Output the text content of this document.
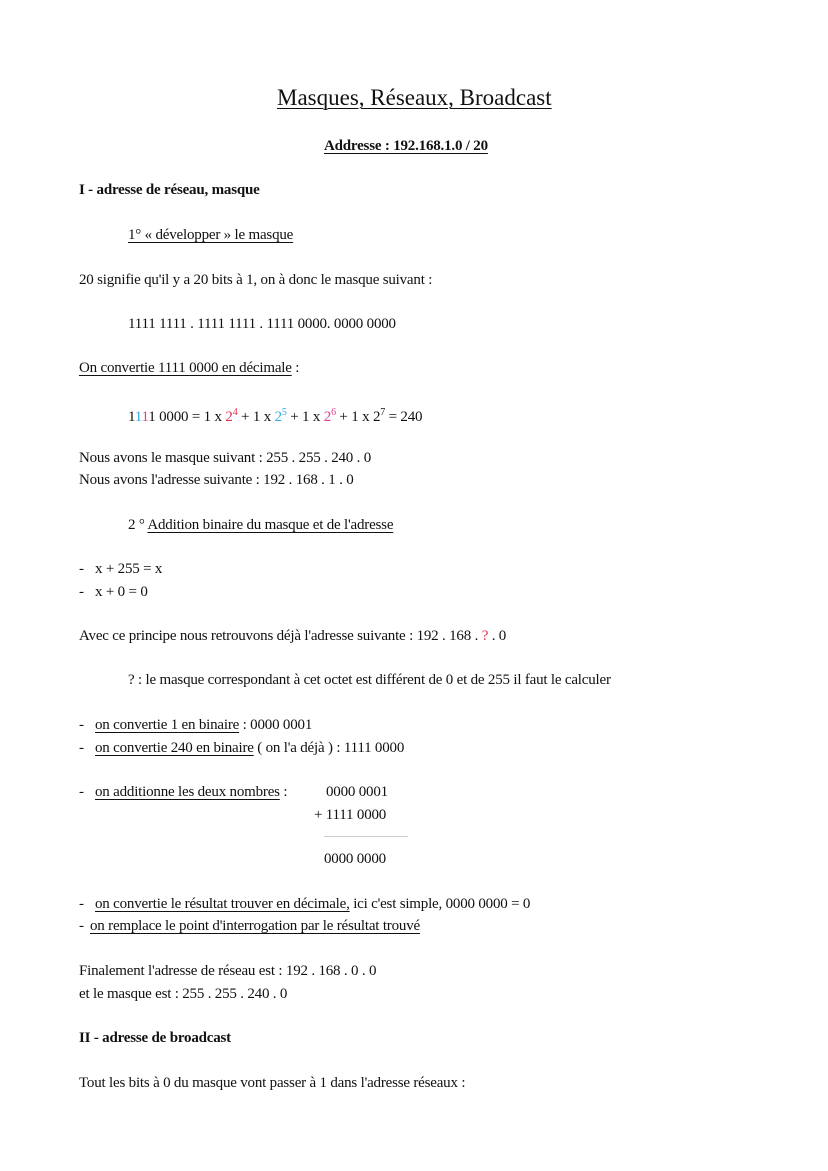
Masques, Réseaux, Broadcast
Addresse : 192.168.1.0 / 20
I - adresse de réseau, masque
1° « développer » le masque
20 signifie qu'il y a 20 bits à 1, on à donc le masque suivant :
1111 1111 . 1111 1111 . 1111 0000. 0000 0000
On convertie 1111 0000 en décimale :
1111 0000 = 1 x $2^4 + 1$ x $2^5 + 1$ x $2^6 + 1$ x $2^7 = 240$
Nous avons le masque suivant : 255 . 255 . 240 . 0
Nous avons l'adresse suivante : 192 . 168 . 1 . 0
2 ° Addition binaire du masque et de l'adresse
- x + 255 = x
- x + 0 = 0
Avec ce principe nous retrouvons déjà l'adresse suivante : 192 . 168 . ? . 0
? : le masque correspondant à cet octet est différent de 0 et de 255 il faut le calculer
- on convertie 1 en binaire : 0000 0001
- on convertie 240 en binaire ( on l'a déjà ) : 1111 0000
- on additionne les deux nombres :	0000 0001
+ 1111 0000
0000 0000
- on convertie le résultat trouver en décimale, ici c'est simple, 0000 0000 = 0
- on remplace le point d'interrogation par le résultat trouvé
Finalement l'adresse de réseau est : 192 . 168 . 0 . 0
et le masque est : 255 . 255 . 240 . 0
II - adresse de broadcast
Tout les bits à 0 du masque vont passer à 1 dans l'adresse réseaux :
